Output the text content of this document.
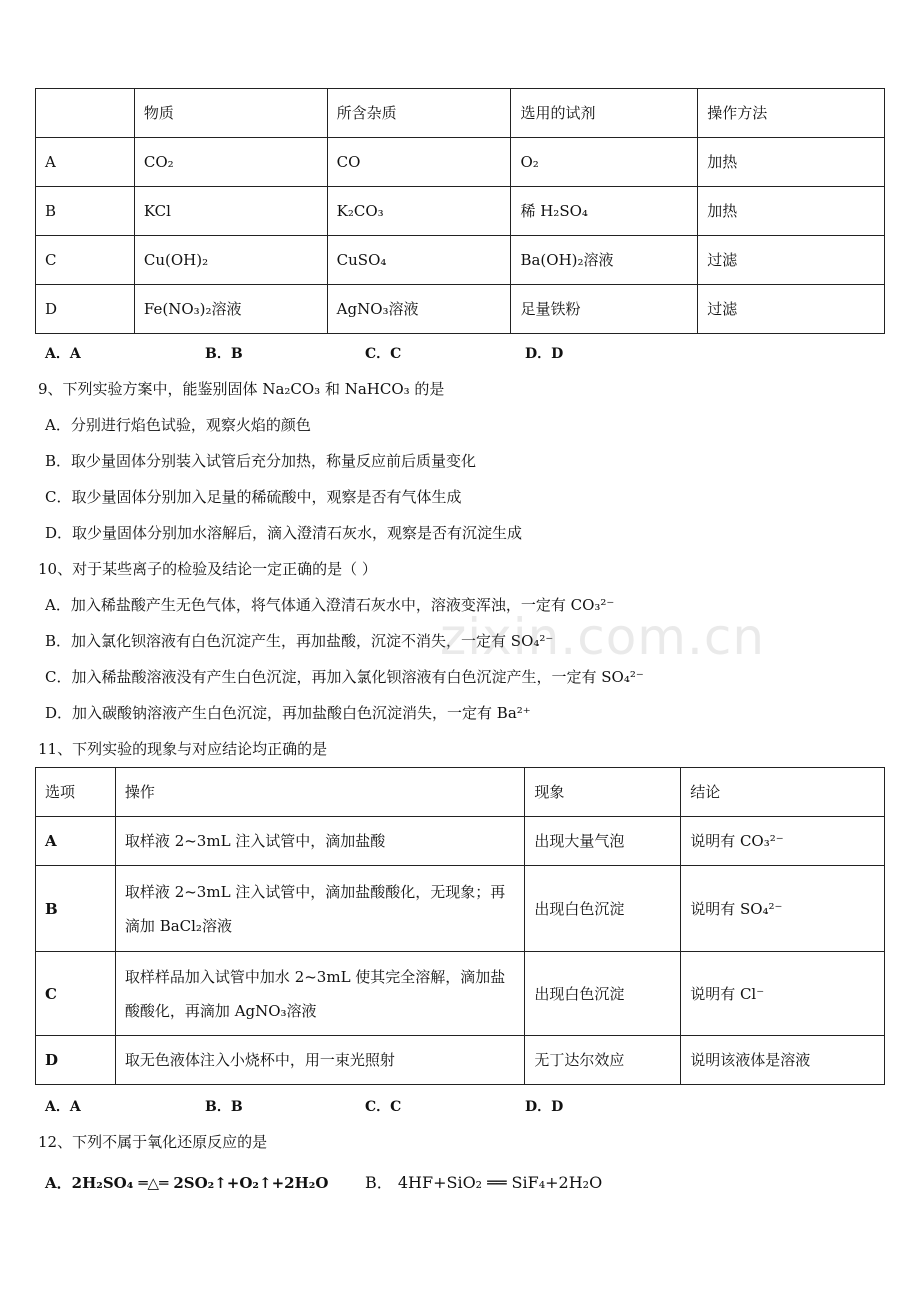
	物质	所含杂质	选用的试剂	操作方法
A	CO₂	CO	O₂	加热
B	KCl	K₂CO₃	稀 H₂SO₄	加热
C	Cu(OH)₂	CuSO₄	Ba(OH)₂溶液	过滤
D	Fe(NO₃)₂溶液	AgNO₃溶液	足量铁粉	过滤
A．A	B．B	C．C	D．D
9、下列实验方案中，能鉴别固体 Na₂CO₃ 和 NaHCO₃ 的是
A．分别进行焰色试验，观察火焰的颜色
B．取少量固体分别装入试管后充分加热，称量反应前后质量变化
C．取少量固体分别加入足量的稀硫酸中，观察是否有气体生成
D．取少量固体分别加水溶解后，滴入澄清石灰水，观察是否有沉淀生成
10、对于某些离子的检验及结论一定正确的是（ ）
A．加入稀盐酸产生无色气体，将气体通入澄清石灰水中，溶液变浑浊，一定有 CO₃²⁻
B．加入氯化钡溶液有白色沉淀产生，再加盐酸，沉淀不消失，一定有 SO₄²⁻
C．加入稀盐酸溶液没有产生白色沉淀，再加入氯化钡溶液有白色沉淀产生，一定有 SO₄²⁻
D．加入碳酸钠溶液产生白色沉淀，再加盐酸白色沉淀消失，一定有 Ba²⁺
zixin.com.cn
11、下列实验的现象与对应结论均正确的是
选项	操作	现象	结论
A	取样液 2~3mL 注入试管中，滴加盐酸	出现大量气泡	说明有 CO₃²⁻
B	取样液 2~3mL 注入试管中，滴加盐酸酸化，无现象；再滴加 BaCl₂溶液	出现白色沉淀	说明有 SO₄²⁻
C	取样样品加入试管中加水 2~3mL 使其完全溶解，滴加盐酸酸化，再滴加 AgNO₃溶液	出现白色沉淀	说明有 Cl⁻
D	取无色液体注入小烧杯中，用一束光照射	无丁达尔效应	说明该液体是溶液
A．A	B．B	C．C	D．D
12、下列不属于氧化还原反应的是
A．2H₂SO₄ ═△═ 2SO₂↑+O₂↑+2H₂O B． 4HF+SiO₂ ══ SiF₄+2H₂O
